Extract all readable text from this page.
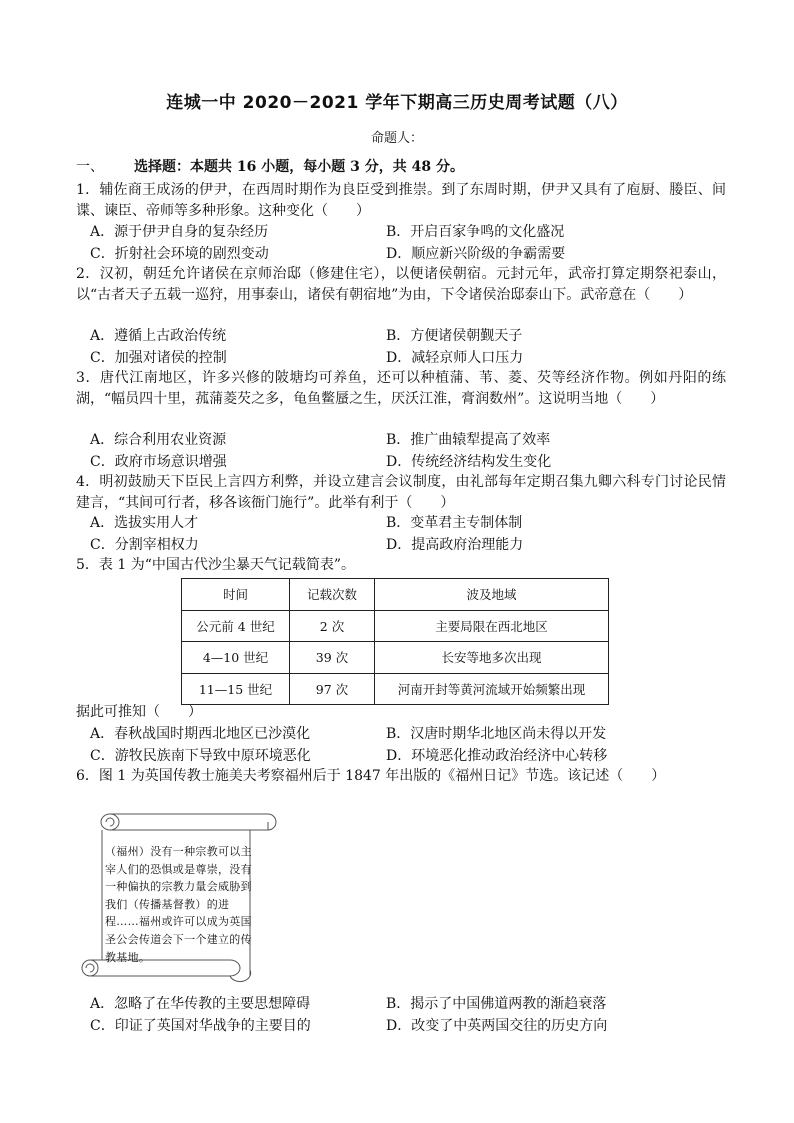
连城一中 2020－2021 学年下期高三历史周考试题（八）
命题人：
一、 选择题：本题共 16 小题，每小题 3 分，共 48 分。
1．辅佐商王成汤的伊尹，在西周时期作为良臣受到推崇。到了东周时期，伊尹又具有了庖厨、媵臣、间谍、谏臣、帝师等多种形象。这种变化（　　）
A．源于伊尹自身的复杂经历	B．开启百家争鸣的文化盛况
C．折射社会环境的剧烈变动	D．顺应新兴阶级的争霸需要
2．汉初，朝廷允许诸侯在京师治邸（修建住宅），以便诸侯朝宿。元封元年，武帝打算定期祭祀泰山，以“古者天子五载一巡狩，用事泰山，诸侯有朝宿地”为由，下令诸侯治邸泰山下。武帝意在（　　）
A．遵循上古政治传统	B．方便诸侯朝觐天子
C．加强对诸侯的控制	D．减轻京师人口压力
3．唐代江南地区，许多兴修的陂塘均可养鱼，还可以种植蒲、苇、菱、芡等经济作物。例如丹阳的练湖，“幅员四十里，菰蒲菱芡之多，龟鱼鳖蜃之生，厌沃江淮，膏润数州”。这说明当地（　　）
A．综合利用农业资源	B．推广曲辕犁提高了效率
C．政府市场意识增强	D．传统经济结构发生变化
4．明初鼓励天下臣民上言四方利弊，并设立建言会议制度，由礼部每年定期召集九卿六科专门讨论民情建言，“其间可行者，移各该衙门施行”。此举有利于（　　）
A．选拔实用人才	B．变革君主专制体制
C．分割宰相权力	D．提高政府治理能力
5．表 1 为“中国古代沙尘暴天气记载简表”。
时间	记载次数	波及地域
公元前 4 世纪	2 次	主要局限在西北地区
4—10 世纪	39 次	长安等地多次出现
11—15 世纪	97 次	河南开封等黄河流域开始频繁出现
据此可推知（　　）
A．春秋战国时期西北地区已沙漠化	B．汉唐时期华北地区尚未得以开发
C．游牧民族南下导致中原环境恶化	D．环境恶化推动政治经济中心转移
6．图 1 为英国传教士施美夫考察福州后于 1847 年出版的《福州日记》节选。该记述（　　）
（福州）没有一种宗教可以主宰人们的恐惧或是尊崇，没有一种偏执的宗教力量会威胁到我们（传播基督教）的进程……福州或许可以成为英国圣公会传道会下一个建立的传教基地。
A．忽略了在华传教的主要思想障碍	B．揭示了中国佛道两教的渐趋衰落
C．印证了英国对华战争的主要目的	D．改变了中英两国交往的历史方向
